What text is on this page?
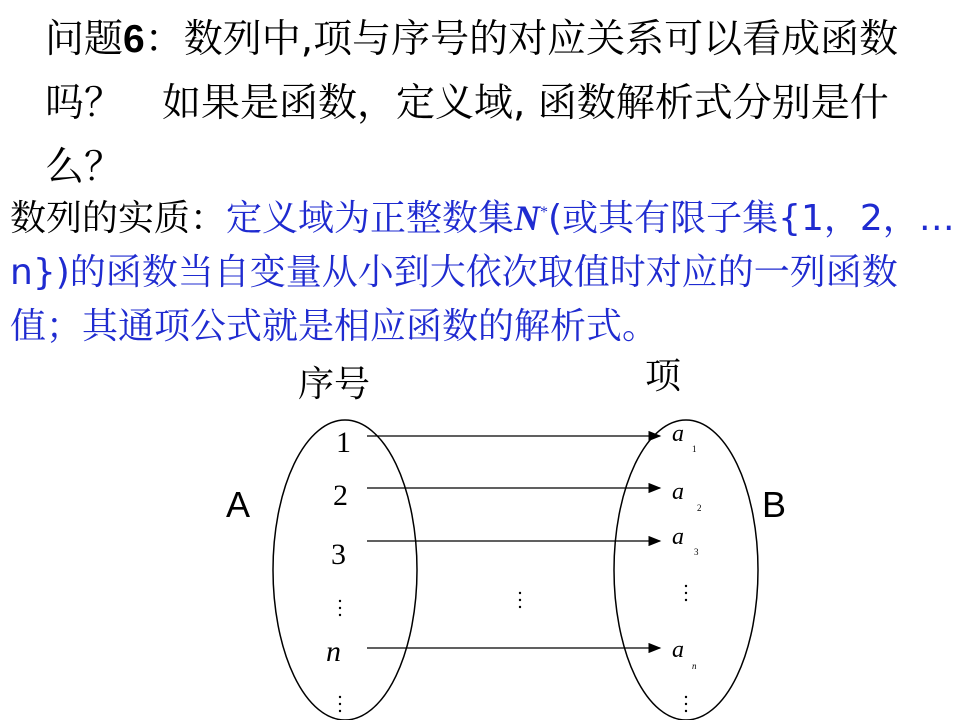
问题6：数列中,项与序号的对应关系可以看成函数吗？　如果是函数，定义域, 函数解析式分别是什么？
数列的实质：定义域为正整数集N*(或其有限子集{1，2，…n})的函数当自变量从小到大依次取值时对应的一列函数值；其通项公式就是相应函数的解析式。
序号	项
A	B
1
2
3
n
a
1
a
2
a
3
a
n
